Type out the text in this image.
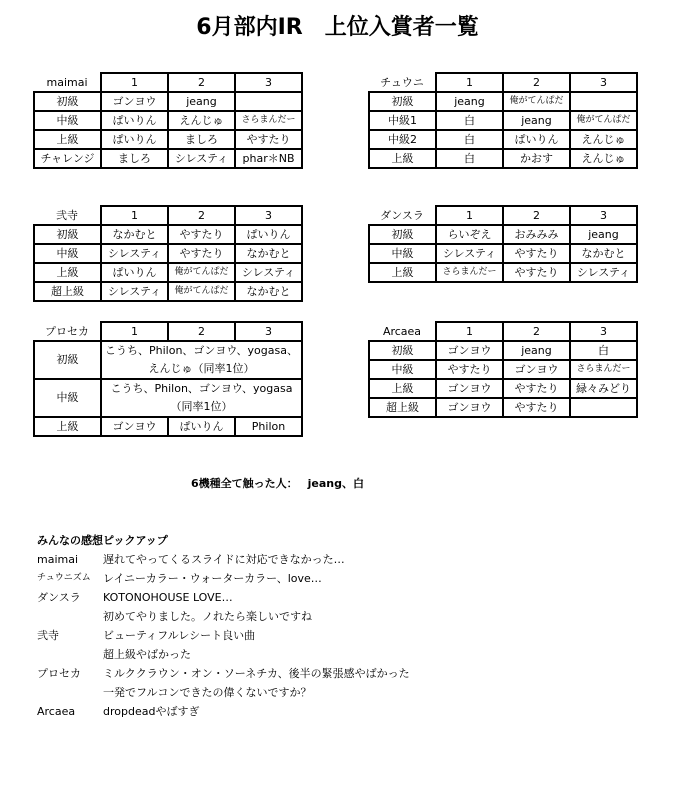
6月部内IR　上位入賞者一覧
maimai	1	2	3
初級	ゴンヨウ	jeang	
中級	ぱいりん	えんじゅ	さらまんだー
上級	ぱいりん	ましろ	やすたり
チャレンジ	ましろ	シレスティ	phar＊NB
チュウニ	1	2	3
初級	jeang	俺がてんぱだ	
中級1	白	jeang	俺がてんぱだ
中級2	白	ぱいりん	えんじゅ
上級	白	かおす	えんじゅ
弐寺	1	2	3
初級	なかむと	やすたり	ぱいりん
中級	シレスティ	やすたり	なかむと
上級	ぱいりん	俺がてんぱだ	シレスティ
超上級	シレスティ	俺がてんぱだ	なかむと
ダンスラ	1	2	3
初級	らいぞえ	おみみみ	jeang
中級	シレスティ	やすたり	なかむと
上級	さらまんだー	やすたり	シレスティ
プロセカ	1	2	3
初級	こうち、Philon、ゴンヨウ、yogasa、えんじゅ（同率1位）		
中級	こうち、Philon、ゴンヨウ、yogasa（同率1位）		
上級	ゴンヨウ	ぱいりん	Philon
Arcaea	1	2	3
初級	ゴンヨウ	jeang	白
中級	やすたり	ゴンヨウ	さらまんだー
上級	ゴンヨウ	やすたり	緑々みどり
超上級	ゴンヨウ	やすたり	
6機種全て触った人： jeang、白
みんなの感想ピックアップ
maimai	遅れてやってくるスライドに対応できなかった…
チュウニズム	レイニーカラー・ウォーターカラー、love…
ダンスラ	KOTONOHOUSE LOVE…
初めてやりました。ノれたら楽しいですね
弐寺	ビューティフルレシート良い曲
超上級やばかった
プロセカ	ミルククラウン・オン・ソーネチカ、後半の緊張感やばかった
一発でフルコンできたの偉くないですか？
Arcaea	dropdeadやばすぎ
